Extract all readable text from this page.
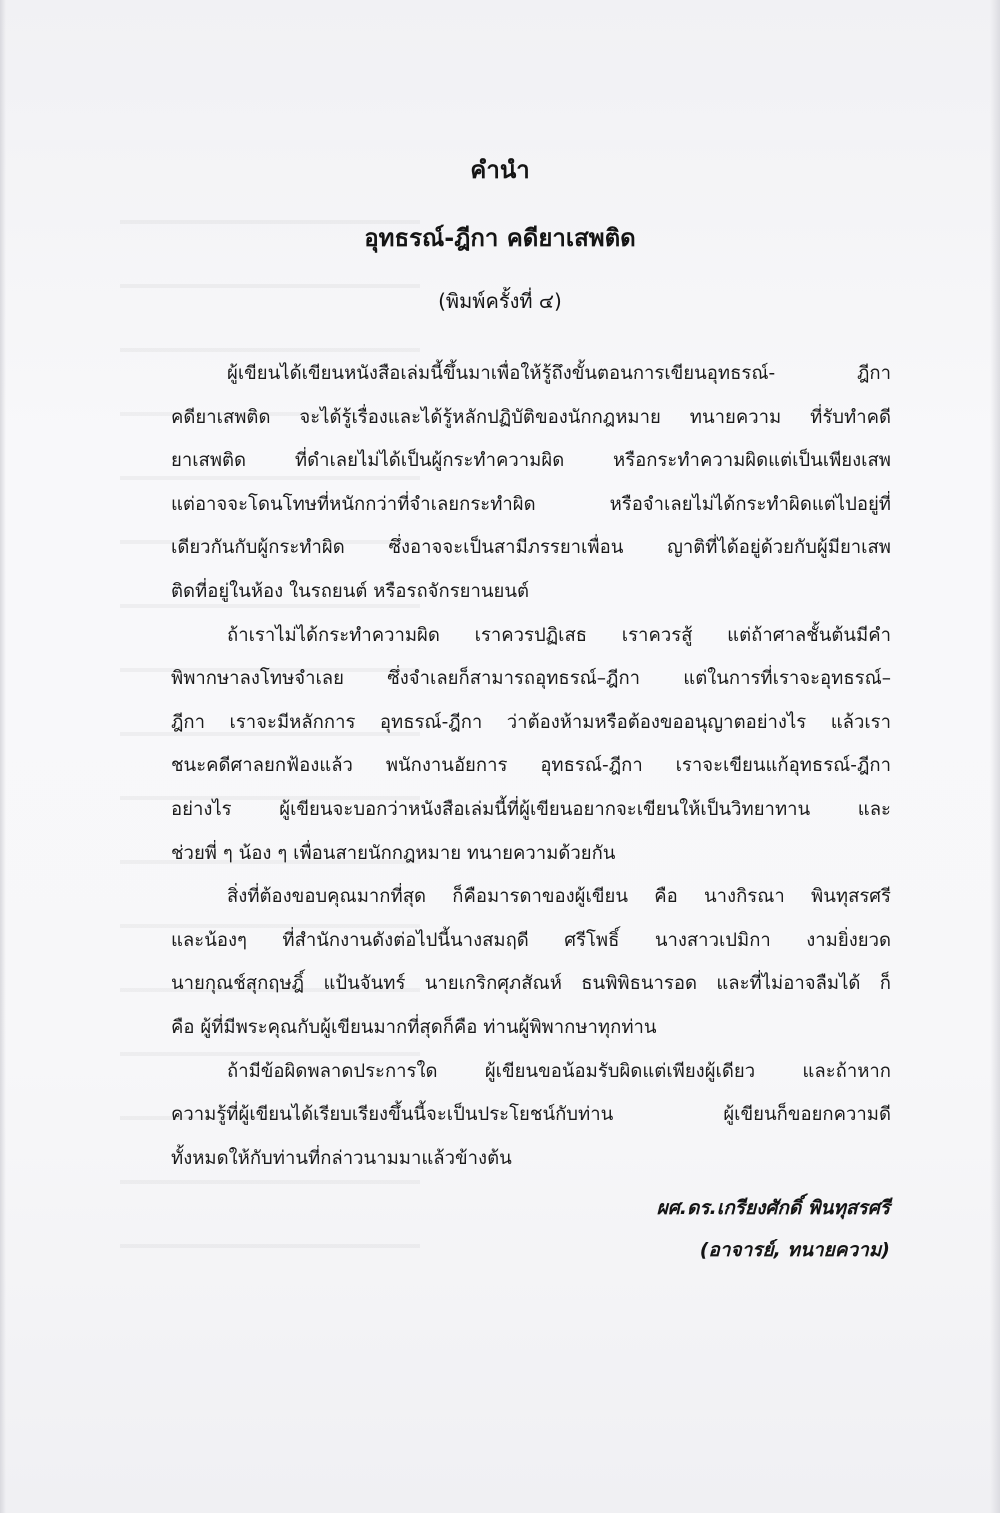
คำนำ
อุทธรณ์-ฎีกา คดียาเสพติด
(พิมพ์ครั้งที่ ๔)
ผู้เขียนได้เขียนหนังสือเล่มนี้ขึ้นมาเพื่อให้รู้ถึงขั้นตอนการเขียนอุทธรณ์- ฎีกา
คดียาเสพติด จะได้รู้เรื่องและได้รู้หลักปฏิบัติของนักกฎหมาย ทนายความ ที่รับทำคดี
ยาเสพติด ที่ดำเลยไม่ได้เป็นผู้กระทำความผิด หรือกระทำความผิดแต่เป็นเพียงเสพ
แต่อาจจะโดนโทษที่หนักกว่าที่จำเลยกระทำผิด หรือจำเลยไม่ได้กระทำผิดแต่ไปอยู่ที่
เดียวกันกับผู้กระทำผิด ซึ่งอาจจะเป็นสามีภรรยาเพื่อน ญาติที่ได้อยู่ด้วยกับผู้มียาเสพ
ติดที่อยู่ในห้อง ในรถยนต์ หรือรถจักรยานยนต์
ถ้าเราไม่ได้กระทำความผิด เราควรปฏิเสธ เราควรสู้ แต่ถ้าศาลชั้นต้นมีคำ
พิพากษาลงโทษจำเลย ซึ่งจำเลยก็สามารถอุทธรณ์–ฎีกา แต่ในการที่เราจะอุทธรณ์–
ฎีกา เราจะมีหลักการ อุทธรณ์-ฎีกา ว่าต้องห้ามหรือต้องขออนุญาตอย่างไร แล้วเรา
ชนะคดีศาลยกฟ้องแล้ว พนักงานอัยการ อุทธรณ์-ฎีกา เราจะเขียนแก้อุทธรณ์-ฎีกา
อย่างไร ผู้เขียนจะบอกว่าหนังสือเล่มนี้ที่ผู้เขียนอยากจะเขียนให้เป็นวิทยาทาน และ
ช่วยพี่ ๆ น้อง ๆ เพื่อนสายนักกฎหมาย ทนายความด้วยกัน
สิ่งที่ต้องขอบคุณมากที่สุด ก็คือมารดาของผู้เขียน คือ นางกิรณา พินทุสรศรี
และน้องๆ ที่สำนักงานดังต่อไปนี้นางสมฤดี ศรีโพธิ์ นางสาวเปมิกา งามยิ่งยวด
นายกุณช์สุกฤษฎิ์ แป้นจันทร์ นายเกริกศุภสัณห์ ธนพิพิธนารอด และที่ไม่อาจลืมได้ ก็
คือ ผู้ที่มีพระคุณกับผู้เขียนมากที่สุดก็คือ ท่านผู้พิพากษาทุกท่าน
ถ้ามีข้อผิดพลาดประการใด ผู้เขียนขอน้อมรับผิดแต่เพียงผู้เดียว และถ้าหาก
ความรู้ที่ผู้เขียนได้เรียบเรียงขึ้นนี้จะเป็นประโยชน์กับท่าน ผู้เขียนก็ขอยกความดี
ทั้งหมดให้กับท่านที่กล่าวนามมาแล้วข้างต้น
ผศ.ดร.เกรียงศักดิ์ พินทุสรศรี
(อาจารย์, ทนายความ)
